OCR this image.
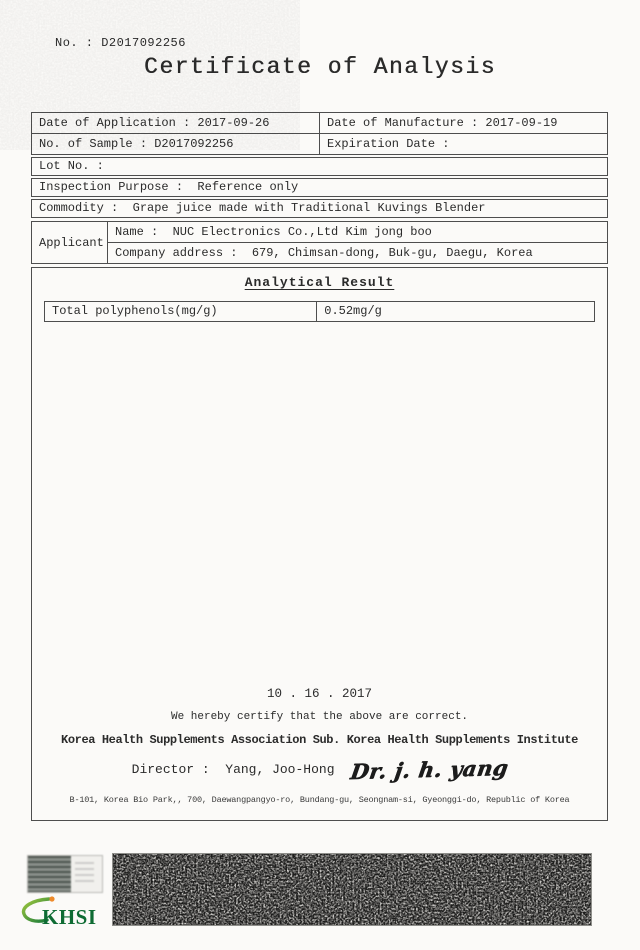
No. : D2017092256
Certificate of Analysis
Date of Application : 2017-09-26	Date of Manufacture : 2017-09-19
No. of Sample : D2017092256	Expiration Date :
Lot No. :
Inspection Purpose :  Reference only
Commodity :  Grape juice made with Traditional Kuvings Blender
Applicant	Name :  NUC Electronics Co.,Ltd Kim jong boo
Company address :  679, Chimsan-dong, Buk-gu, Daegu, Korea
Analytical Result
Total polyphenols(mg/g)	0.52mg/g
10 . 16 . 2017
We hereby certify that the above are correct.
Korea Health Supplements Association Sub. Korea Health Supplements Institute
Director :  Yang, Joo-Hong Dr. j. h. yang
B-101, Korea Bio Park,, 700, Daewangpangyo-ro, Bundang-gu, Seongnam-si, Gyeonggi-do, Republic of Korea
KHSI
